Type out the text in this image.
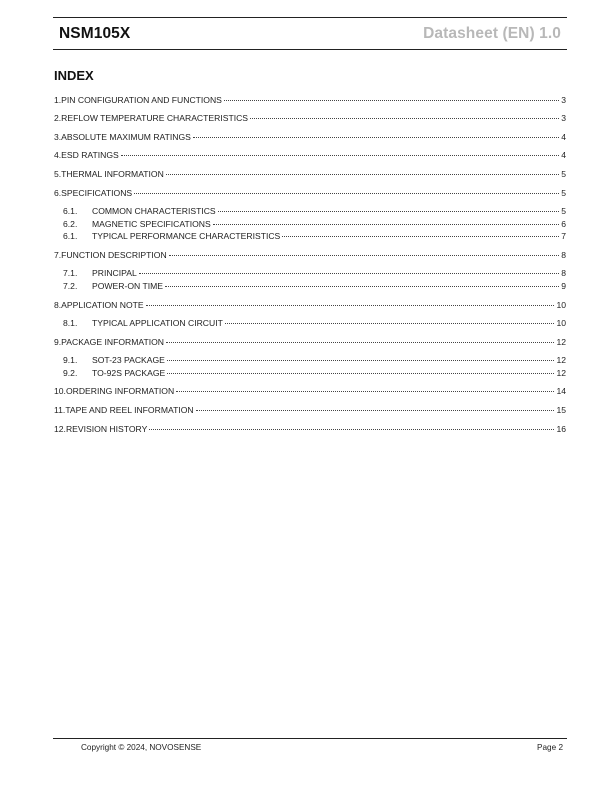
NSM105X	Datasheet (EN) 1.0
INDEX
1. PIN CONFIGURATION AND FUNCTIONS	3
2. REFLOW TEMPERATURE CHARACTERISTICS	3
3. ABSOLUTE MAXIMUM RATINGS	4
4. ESD RATINGS	4
5. THERMAL INFORMATION	5
6. SPECIFICATIONS	5
6.1.	COMMON CHARACTERISTICS	5
6.2.	MAGNETIC SPECIFICATIONS	6
6.1.	TYPICAL PERFORMANCE CHARACTERISTICS	7
7. FUNCTION DESCRIPTION	8
7.1.	PRINCIPAL	8
7.2.	POWER-ON TIME	9
8. APPLICATION NOTE	10
8.1.	TYPICAL APPLICATION CIRCUIT	10
9. PACKAGE INFORMATION	12
9.1.	SOT-23 PACKAGE	12
9.2.	TO-92S PACKAGE	12
10. ORDERING INFORMATION	14
11. TAPE AND REEL INFORMATION	15
12. REVISION HISTORY	16
Copyright © 2024, NOVOSENSE	Page 2
